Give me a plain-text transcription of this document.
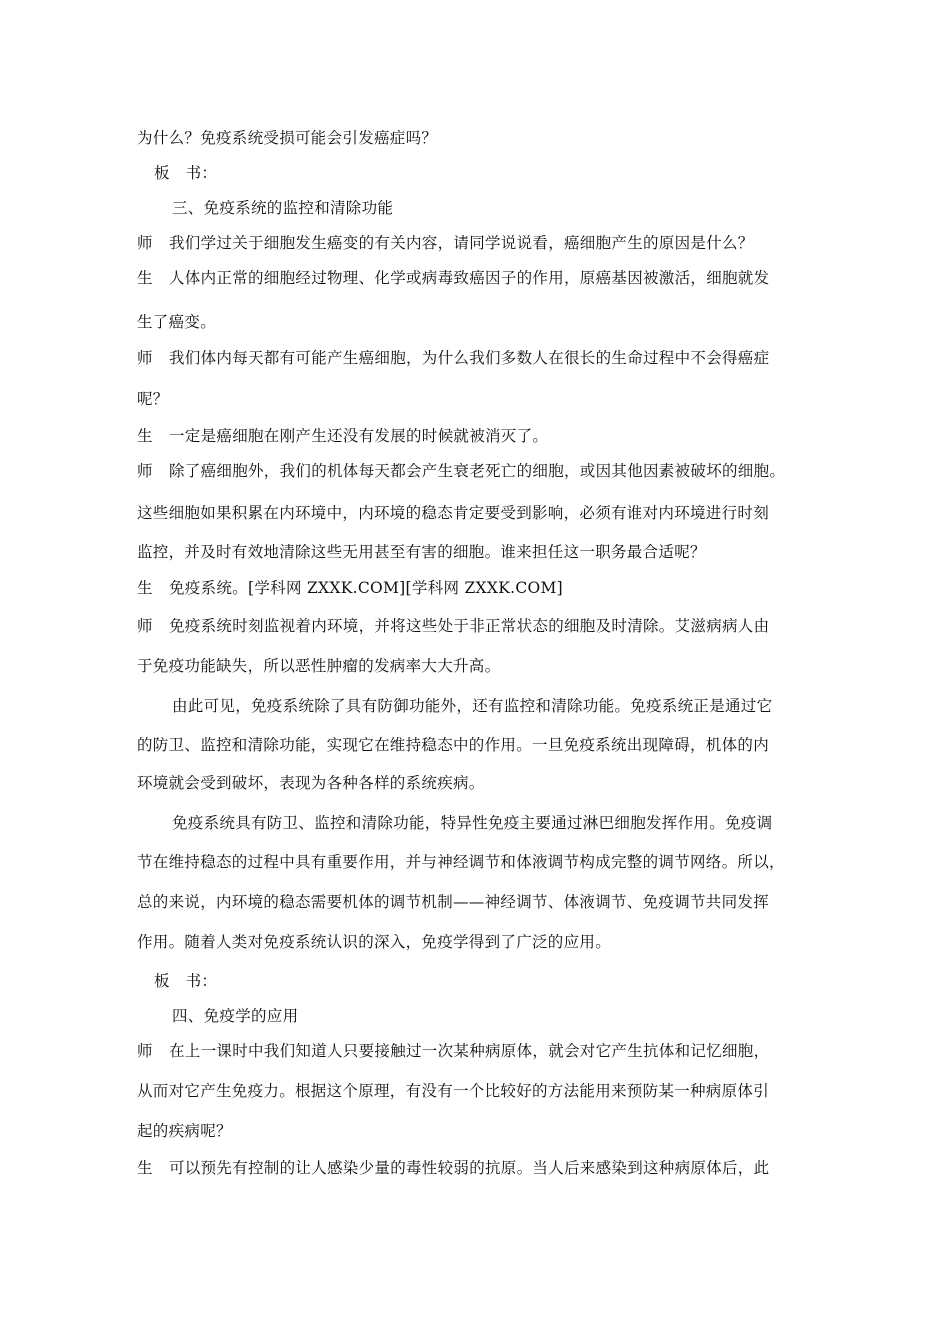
为什么？免疫系统受损可能会引发癌症吗？
板　书：
三、免疫系统的监控和清除功能
师 我们学过关于细胞发生癌变的有关内容，请同学说说看，癌细胞产生的原因是什么？
生 人体内正常的细胞经过物理、化学或病毒致癌因子的作用，原癌基因被激活，细胞就发
生了癌变。
师 我们体内每天都有可能产生癌细胞，为什么我们多数人在很长的生命过程中不会得癌症
呢？
生 一定是癌细胞在刚产生还没有发展的时候就被消灭了。
师 除了癌细胞外，我们的机体每天都会产生衰老死亡的细胞，或因其他因素被破坏的细胞。
这些细胞如果积累在内环境中，内环境的稳态肯定要受到影响，必须有谁对内环境进行时刻
监控，并及时有效地清除这些无用甚至有害的细胞。谁来担任这一职务最合适呢？
生 免疫系统。[学科网 ZXXK.COM][学科网 ZXXK.COM]
师 免疫系统时刻监视着内环境，并将这些处于非正常状态的细胞及时清除。艾滋病病人由
于免疫功能缺失，所以恶性肿瘤的发病率大大升高。
由此可见，免疫系统除了具有防御功能外，还有监控和清除功能。免疫系统正是通过它
的防卫、监控和清除功能，实现它在维持稳态中的作用。一旦免疫系统出现障碍，机体的内
环境就会受到破坏，表现为各种各样的系统疾病。
免疫系统具有防卫、监控和清除功能，特异性免疫主要通过淋巴细胞发挥作用。免疫调
节在维持稳态的过程中具有重要作用，并与神经调节和体液调节构成完整的调节网络。所以，
总的来说，内环境的稳态需要机体的调节机制——神经调节、体液调节、免疫调节共同发挥
作用。随着人类对免疫系统认识的深入，免疫学得到了广泛的应用。
板　书：
四、免疫学的应用
师 在上一课时中我们知道人只要接触过一次某种病原体，就会对它产生抗体和记忆细胞，
从而对它产生免疫力。根据这个原理，有没有一个比较好的方法能用来预防某一种病原体引
起的疾病呢？
生 可以预先有控制的让人感染少量的毒性较弱的抗原。当人后来感染到这种病原体后，此
